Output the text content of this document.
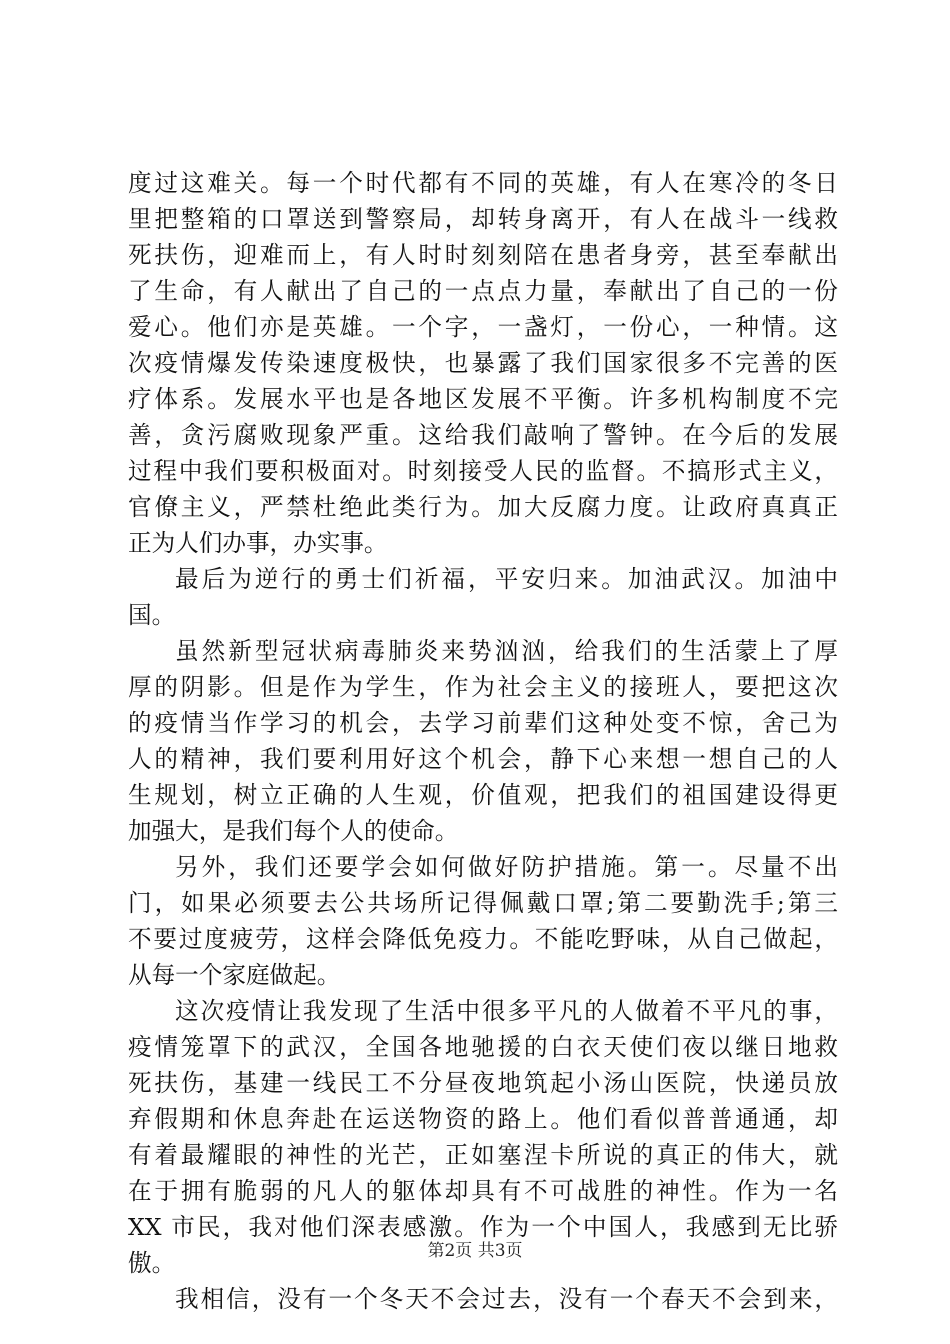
度过这难关。每一个时代都有不同的英雄，有人在寒冷的冬日
里把整箱的口罩送到警察局，却转身离开，有人在战斗一线救
死扶伤，迎难而上，有人时时刻刻陪在患者身旁，甚至奉献出
了生命，有人献出了自己的一点点力量，奉献出了自己的一份
爱心。他们亦是英雄。一个字，一盏灯，一份心，一种情。这
次疫情爆发传染速度极快，也暴露了我们国家很多不完善的医
疗体系。发展水平也是各地区发展不平衡。许多机构制度不完
善，贪污腐败现象严重。这给我们敲响了警钟。在今后的发展
过程中我们要积极面对。时刻接受人民的监督。不搞形式主义，
官僚主义，严禁杜绝此类行为。加大反腐力度。让政府真真正
正为人们办事，办实事。
最后为逆行的勇士们祈福，平安归来。加油武汉。加油中
国。
虽然新型冠状病毒肺炎来势汹汹，给我们的生活蒙上了厚
厚的阴影。但是作为学生，作为社会主义的接班人，要把这次
的疫情当作学习的机会，去学习前辈们这种处变不惊，舍己为
人的精神，我们要利用好这个机会，静下心来想一想自己的人
生规划，树立正确的人生观，价值观，把我们的祖国建设得更
加强大，是我们每个人的使命。
另外，我们还要学会如何做好防护措施。第一。尽量不出
门，如果必须要去公共场所记得佩戴口罩;第二要勤洗手;第三
不要过度疲劳，这样会降低免疫力。不能吃野味，从自己做起，
从每一个家庭做起。
这次疫情让我发现了生活中很多平凡的人做着不平凡的事，
疫情笼罩下的武汉，全国各地驰援的白衣天使们夜以继日地救
死扶伤，基建一线民工不分昼夜地筑起小汤山医院，快递员放
弃假期和休息奔赴在运送物资的路上。他们看似普普通通，却
有着最耀眼的神性的光芒，正如塞涅卡所说的真正的伟大，就
在于拥有脆弱的凡人的躯体却具有不可战胜的神性。作为一名
XX 市民，我对他们深表感激。作为一个中国人，我感到无比骄
傲。
我相信，没有一个冬天不会过去，没有一个春天不会到来，
第2页 共3页
